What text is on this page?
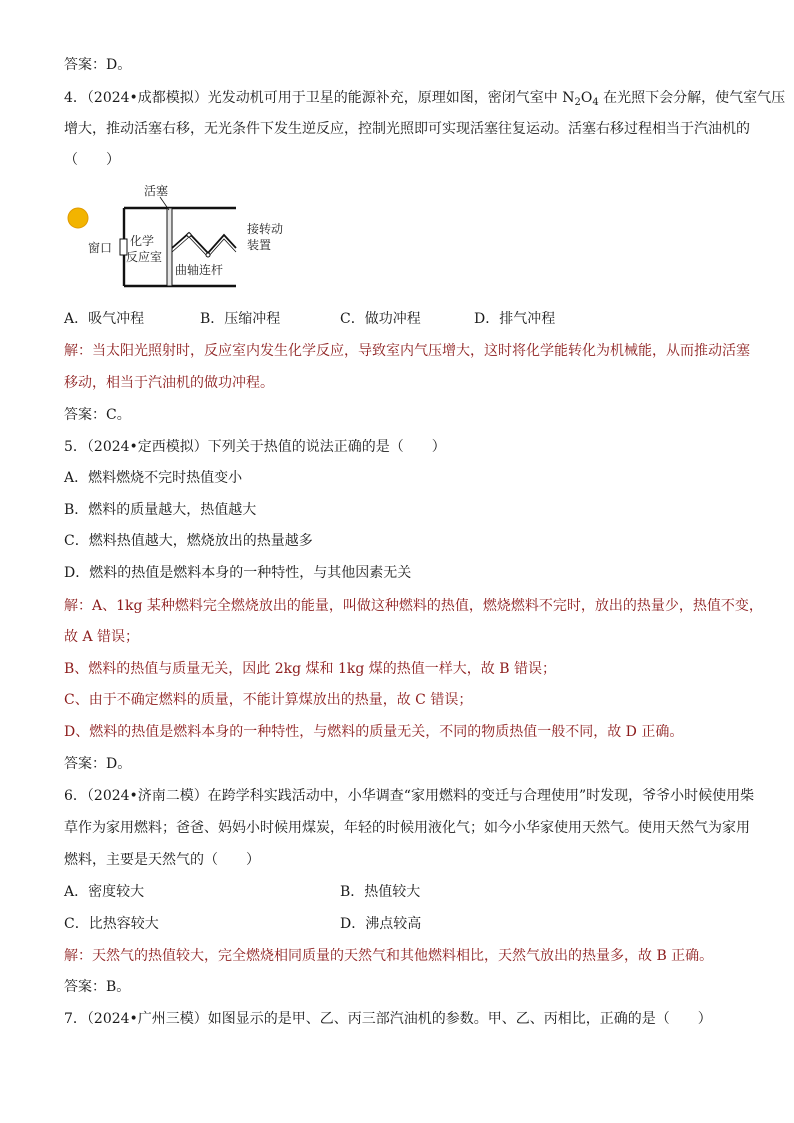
答案：D。
4．（2024•成都模拟）光发动机可用于卫星的能源补充，原理如图，密闭气室中 $N_2O_4$ 在光照下会分解，使气室气压
增大，推动活塞右移，无光条件下发生逆反应，控制光照即可实现活塞往复运动。活塞右移过程相当于汽油机的
（　　）
活塞
窗口 化学
反应室
曲轴连杆
接转动
装置
A．吸气冲程	B．压缩冲程	C．做功冲程	D．排气冲程
解：当太阳光照射时，反应室内发生化学反应，导致室内气压增大，这时将化学能转化为机械能，从而推动活塞
移动，相当于汽油机的做功冲程。
答案：C。
5．（2024•定西模拟）下列关于热值的说法正确的是（　　）
A．燃料燃烧不完时热值变小
B．燃料的质量越大，热值越大
C．燃料热值越大，燃烧放出的热量越多
D．燃料的热值是燃料本身的一种特性，与其他因素无关
解：A、1kg 某种燃料完全燃烧放出的能量，叫做这种燃料的热值，燃烧燃料不完时，放出的热量少，热值不变，
故 A 错误；
B、燃料的热值与质量无关，因此 2kg 煤和 1kg 煤的热值一样大，故 B 错误；
C、由于不确定燃料的质量，不能计算煤放出的热量，故 C 错误；
D、燃料的热值是燃料本身的一种特性，与燃料的质量无关，不同的物质热值一般不同，故 D 正确。
答案：D。
6．（2024•济南二模）在跨学科实践活动中，小华调查“家用燃料的变迁与合理使用”时发现，爷爷小时候使用柴
草作为家用燃料；爸爸、妈妈小时候用煤炭，年轻的时候用液化气；如今小华家使用天然气。使用天然气为家用
燃料，主要是天然气的（　　）
A．密度较大	B．热值较大
C．比热容较大	D．沸点较高
解：天然气的热值较大，完全燃烧相同质量的天然气和其他燃料相比，天然气放出的热量多，故 B 正确。
答案：B。
7．（2024•广州三模）如图显示的是甲、乙、丙三部汽油机的参数。甲、乙、丙相比，正确的是（　　）
